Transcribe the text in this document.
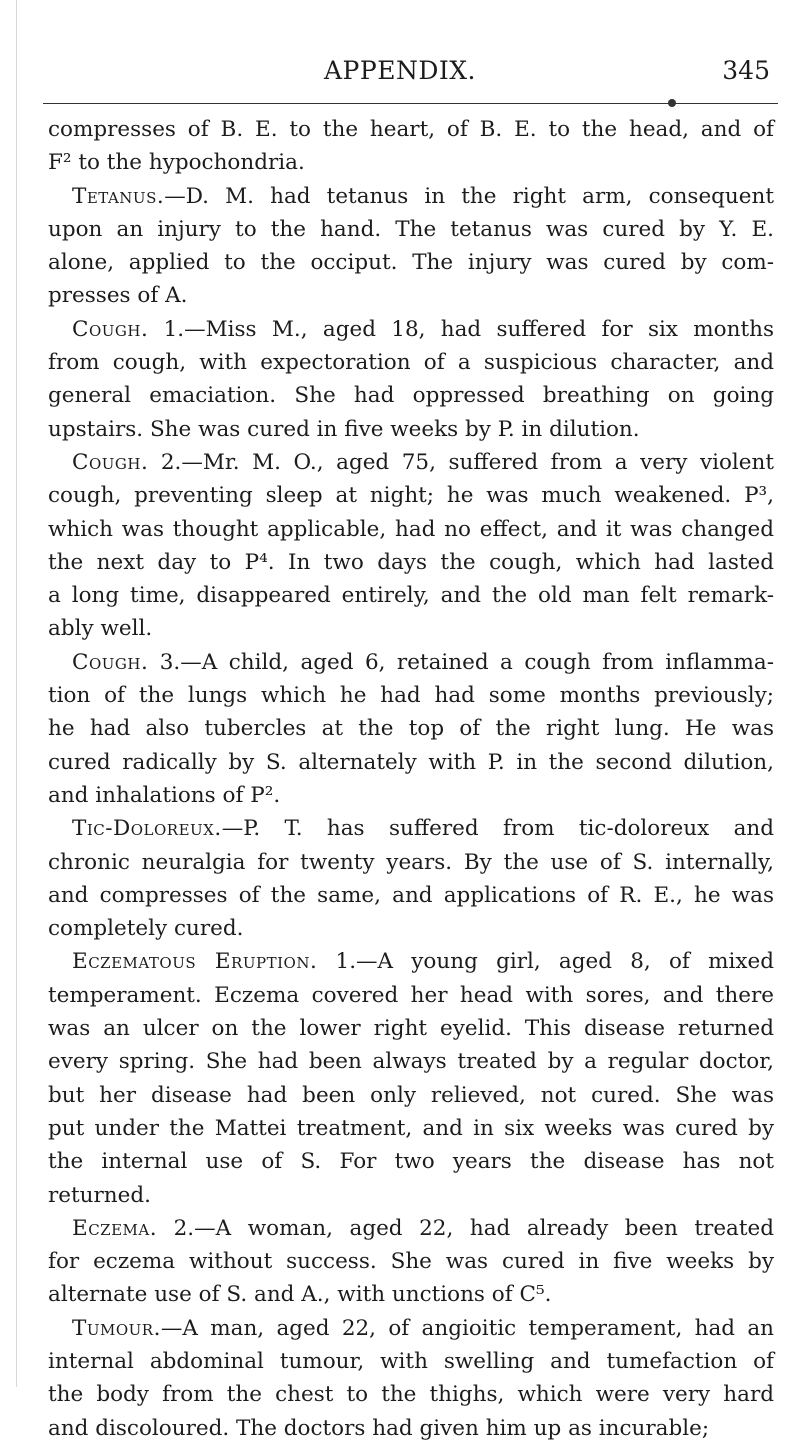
APPENDIX.	345
compresses of B. E. to the heart, of B. E. to the head, and of
F² to the hypochondria.
Tetanus.—D. M. had tetanus in the right arm, consequent
upon an injury to the hand. The tetanus was cured by Y. E.
alone, applied to the occiput. The injury was cured by com-
presses of A.
Cough. 1.—Miss M., aged 18, had suffered for six months
from cough, with expectoration of a suspicious character, and
general emaciation. She had oppressed breathing on going
upstairs. She was cured in five weeks by P. in dilution.
Cough. 2.—Mr. M. O., aged 75, suffered from a very violent
cough, preventing sleep at night; he was much weakened. P³,
which was thought applicable, had no effect, and it was changed
the next day to P⁴. In two days the cough, which had lasted
a long time, disappeared entirely, and the old man felt remark-
ably well.
Cough. 3.—A child, aged 6, retained a cough from inflamma-
tion of the lungs which he had had some months previously;
he had also tubercles at the top of the right lung. He was
cured radically by S. alternately with P. in the second dilution,
and inhalations of P².
Tic-Doloreux.—P. T. has suffered from tic-doloreux and
chronic neuralgia for twenty years. By the use of S. internally,
and compresses of the same, and applications of R. E., he was
completely cured.
Eczematous Eruption. 1.—A young girl, aged 8, of mixed
temperament. Eczema covered her head with sores, and there
was an ulcer on the lower right eyelid. This disease returned
every spring. She had been always treated by a regular doctor,
but her disease had been only relieved, not cured. She was
put under the Mattei treatment, and in six weeks was cured by
the internal use of S. For two years the disease has not
returned.
Eczema. 2.—A woman, aged 22, had already been treated
for eczema without success. She was cured in five weeks by
alternate use of S. and A., with unctions of C⁵.
Tumour.—A man, aged 22, of angioitic temperament, had an
internal abdominal tumour, with swelling and tumefaction of
the body from the chest to the thighs, which were very hard
and discoloured. The doctors had given him up as incurable;
